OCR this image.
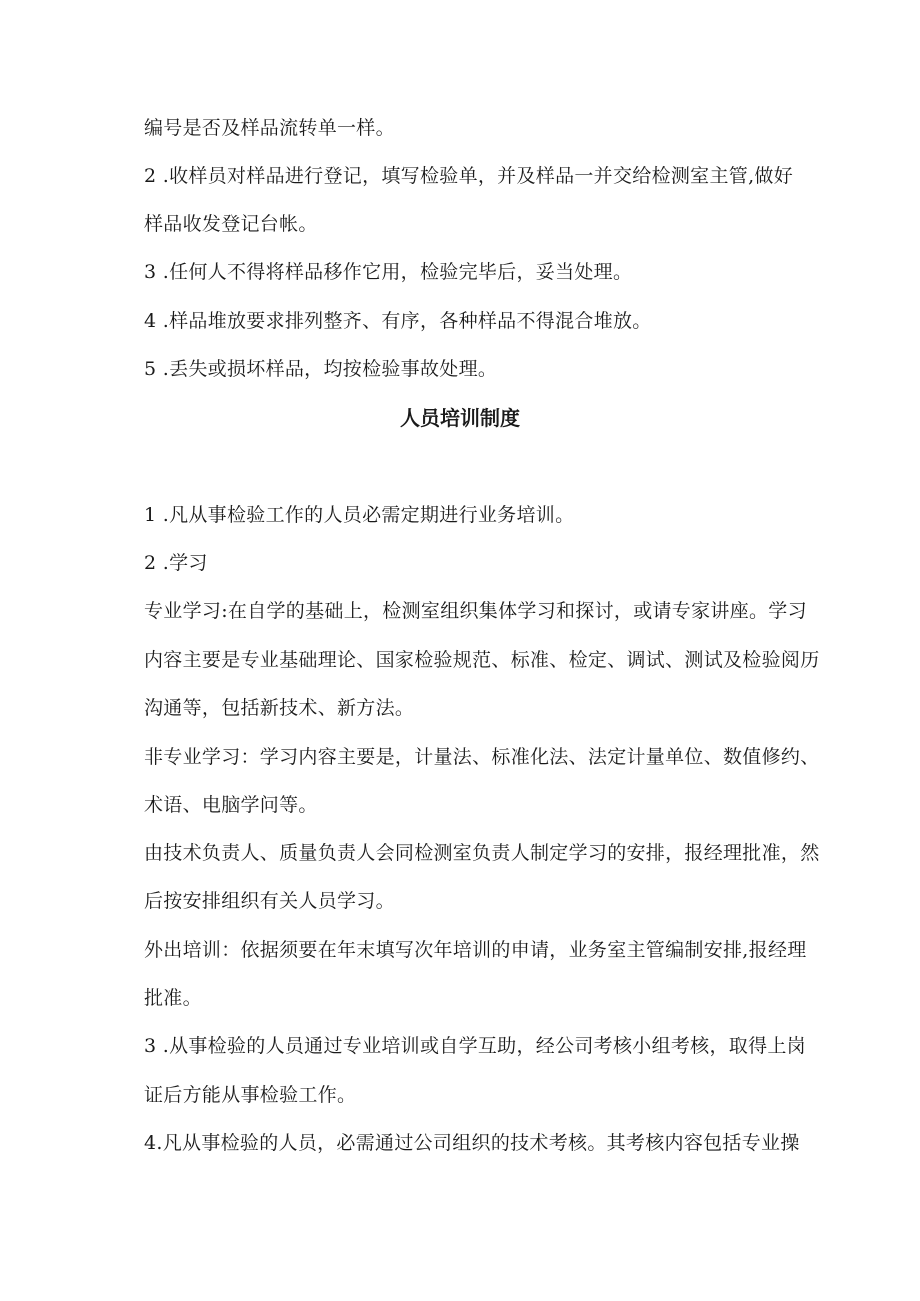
编号是否及样品流转单一样。
2 .收样员对样品进行登记，填写检验单，并及样品一并交给检测室主管,做好
样品收发登记台帐。
3 .任何人不得将样品移作它用，检验完毕后，妥当处理。
4 .样品堆放要求排列整齐、有序，各种样品不得混合堆放。
5 .丢失或损坏样品，均按检验事故处理。
人员培训制度
1 .凡从事检验工作的人员必需定期进行业务培训。
2 .学习
专业学习:在自学的基础上，检测室组织集体学习和探讨，或请专家讲座。学习
内容主要是专业基础理论、国家检验规范、标准、检定、调试、测试及检验阅历
沟通等，包括新技术、新方法。
非专业学习：学习内容主要是，计量法、标准化法、法定计量单位、数值修约、
术语、电脑学问等。
由技术负责人、质量负责人会同检测室负责人制定学习的安排，报经理批准，然
后按安排组织有关人员学习。
外出培训：依据须要在年末填写次年培训的申请，业务室主管编制安排,报经理
批准。
3 .从事检验的人员通过专业培训或自学互助，经公司考核小组考核，取得上岗
证后方能从事检验工作。
4.凡从事检验的人员，必需通过公司组织的技术考核。其考核内容包括专业操
